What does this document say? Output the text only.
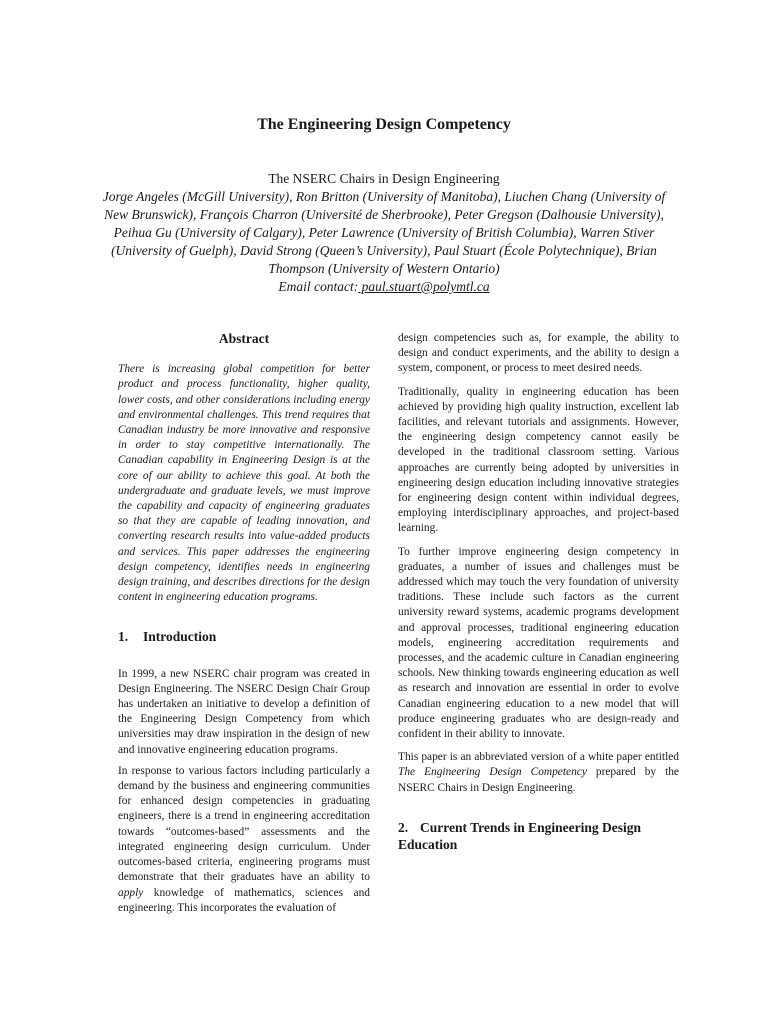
The Engineering Design Competency
The NSERC Chairs in Design Engineering
Jorge Angeles (McGill University), Ron Britton (University of Manitoba), Liuchen Chang (University of New Brunswick), François Charron (Université de Sherbrooke), Peter Gregson (Dalhousie University), Peihua Gu (University of Calgary), Peter Lawrence (University of British Columbia), Warren Stiver (University of Guelph), David Strong (Queen’s University), Paul Stuart (École Polytechnique), Brian Thompson (University of Western Ontario)
Email contact: paul.stuart@polymtl.ca
Abstract

There is increasing global competition for better product and process functionality, higher quality, lower costs, and other considerations including energy and environmental challenges. This trend requires that Canadian industry be more innovative and responsive in order to stay competitive internationally. The Canadian capability in Engineering Design is at the core of our ability to achieve this goal. At both the undergraduate and graduate levels, we must improve the capability and capacity of engineering graduates so that they are capable of leading innovation, and converting research results into value-added products and services. This paper addresses the engineering design competency, identifies needs in engineering design training, and describes directions for the design content in engineering education programs.

1. Introduction

In 1999, a new NSERC chair program was created in Design Engineering. The NSERC Design Chair Group has undertaken an initiative to develop a definition of the Engineering Design Competency from which universities may draw inspiration in the design of new and innovative engineering education programs.

In response to various factors including particularly a demand by the business and engineering communities for enhanced design competencies in graduating engineers, there is a trend in engineering accreditation towards “outcomes-based” assessments and the integrated engineering design curriculum. Under outcomes-based criteria, engineering programs must demonstrate that their graduates have an ability to apply knowledge of mathematics, sciences and engineering. This incorporates the evaluation of

design competencies such as, for example, the ability to design and conduct experiments, and the ability to design a system, component, or process to meet desired needs.

Traditionally, quality in engineering education has been achieved by providing high quality instruction, excellent lab facilities, and relevant tutorials and assignments. However, the engineering design competency cannot easily be developed in the traditional classroom setting. Various approaches are currently being adopted by universities in engineering design education including innovative strategies for engineering design content within individual degrees, employing interdisciplinary approaches, and project-based learning.

To further improve engineering design competency in graduates, a number of issues and challenges must be addressed which may touch the very foundation of university traditions. These include such factors as the current university reward systems, academic programs development and approval processes, traditional engineering education models, engineering accreditation requirements and processes, and the academic culture in Canadian engineering schools. New thinking towards engineering education as well as research and innovation are essential in order to evolve Canadian engineering education to a new model that will produce engineering graduates who are design-ready and confident in their ability to innovate.

This paper is an abbreviated version of a white paper entitled The Engineering Design Competency prepared by the NSERC Chairs in Design Engineering.

2. Current Trends in Engineering Design Education
